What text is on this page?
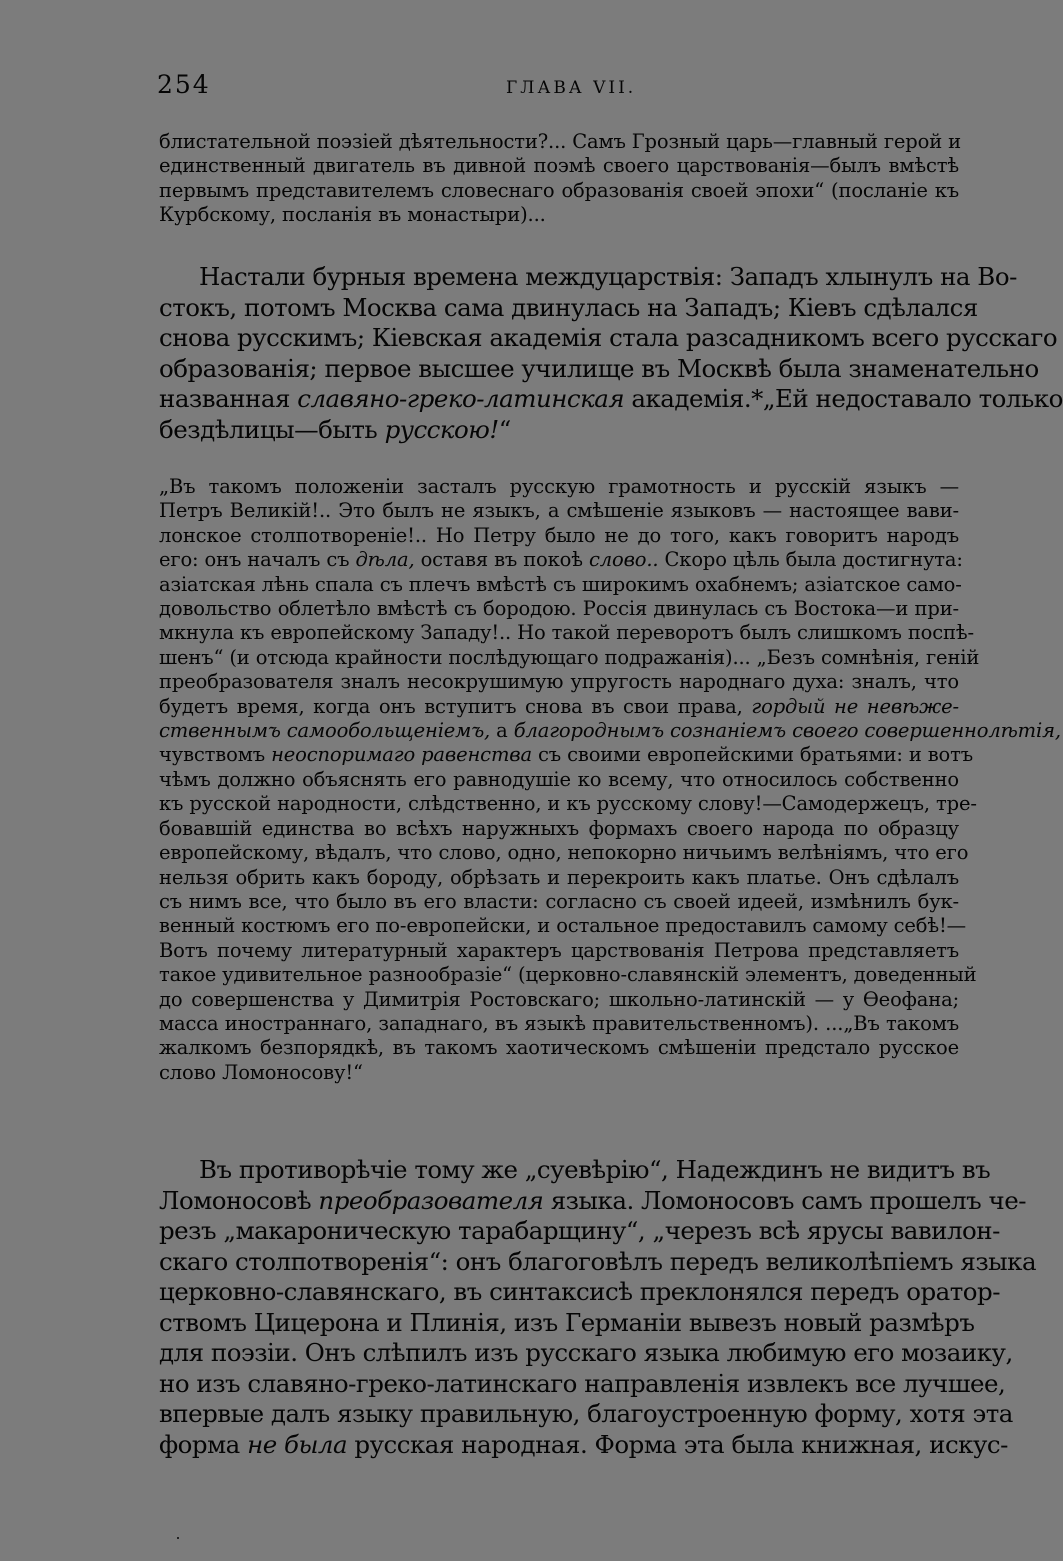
254	ГЛАВА VII.
блистательной поэзіей дѣятельности?... Самъ Грозный царь—главный герой и
единственный двигатель въ дивной поэмѣ своего царствованія—былъ вмѣстѣ
первымъ представителемъ словеснаго образованія своей эпохи“ (посланіе къ
Курбскому, посланія въ монастыри)...
Настали бурныя времена междуцарствія: Западъ хлынулъ на Во-
стокъ, потомъ Москва сама двинулась на Западъ; Кіевъ сдѣлался
снова русскимъ; Кіевская академія стала разсадникомъ всего русскаго
образованія; первое высшее училище въ Москвѣ была знаменательно
названная славяно-греко-латинская академія.*„Ей недоставало только
бездѣлицы—быть русскою!“
„Въ такомъ положеніи засталъ русскую грамотность и русскій языкъ —
Петръ Великій!.. Это былъ не языкъ, а смѣшеніе языковъ — настоящее вави-
лонское столпотвореніе!.. Но Петру было не до того, какъ говоритъ народъ
его: онъ началъ съ дѣла, оставя въ покоѣ слово.. Скоро цѣль была достигнута:
азіатская лѣнь спала съ плечъ вмѣстѣ съ широкимъ охабнемъ; азіатское само-
довольство облетѣло вмѣстѣ съ бородою. Россія двинулась съ Востока—и при-
мкнула къ европейскому Западу!.. Но такой переворотъ былъ слишкомъ поспѣ-
шенъ“ (и отсюда крайности послѣдующаго подражанія)... „Безъ сомнѣнія, геній
преобразователя зналъ несокрушимую упругость народнаго духа: зналъ, что
будетъ время, когда онъ вступитъ снова въ свои права, гордый не невѣже-
ственнымъ самообольщеніемъ, а благороднымъ сознаніемъ своего совершеннолѣтія,
чувствомъ неоспоримаго равенства съ своими европейскими братьями: и вотъ
чѣмъ должно объяснять его равнодушіе ко всему, что относилось собственно
къ русской народности, слѣдственно, и къ русскому слову!—Самодержецъ, тре-
бовавшій единства во всѣхъ наружныхъ формахъ своего народа по образцу
европейскому, вѣдалъ, что слово, одно, непокорно ничьимъ велѣніямъ, что его
нельзя обрить какъ бороду, обрѣзать и перекроить какъ платье. Онъ сдѣлалъ
съ нимъ все, что было въ его власти: согласно съ своей идеей, измѣнилъ бук-
венный костюмъ его по-европейски, и остальное предоставилъ самому себѣ!—
Вотъ почему литературный характеръ царствованія Петрова представляетъ
такое удивительное разнообразіе“ (церковно-славянскій элементъ, доведенный
до совершенства у Димитрія Ростовскаго; школьно-латинскій — у Ѳеофана;
масса иностраннаго, западнаго, въ языкѣ правительственномъ). ...„Въ такомъ
жалкомъ безпорядкѣ, въ такомъ хаотическомъ смѣшеніи предстало русское
слово Ломоносову!“
Въ противорѣчіе тому же „суевѣрію“, Надеждинъ не видитъ въ
Ломоносовѣ преобразователя языка. Ломоносовъ самъ прошелъ че-
резъ „макароническую тарабарщину“, „черезъ всѣ ярусы вавилон-
скаго столпотворенія“: онъ благоговѣлъ передъ великолѣпіемъ языка
церковно-славянскаго, въ синтаксисѣ преклонялся передъ оратор-
ствомъ Цицерона и Плинія, изъ Германіи вывезъ новый размѣръ
для поэзіи. Онъ слѣпилъ изъ русскаго языка любимую его мозаику,
но изъ славяно-греко-латинскаго направленія извлекъ все лучшее,
впервые далъ языку правильную, благоустроенную форму, хотя эта
форма не была русская народная. Форма эта была книжная, искус-
